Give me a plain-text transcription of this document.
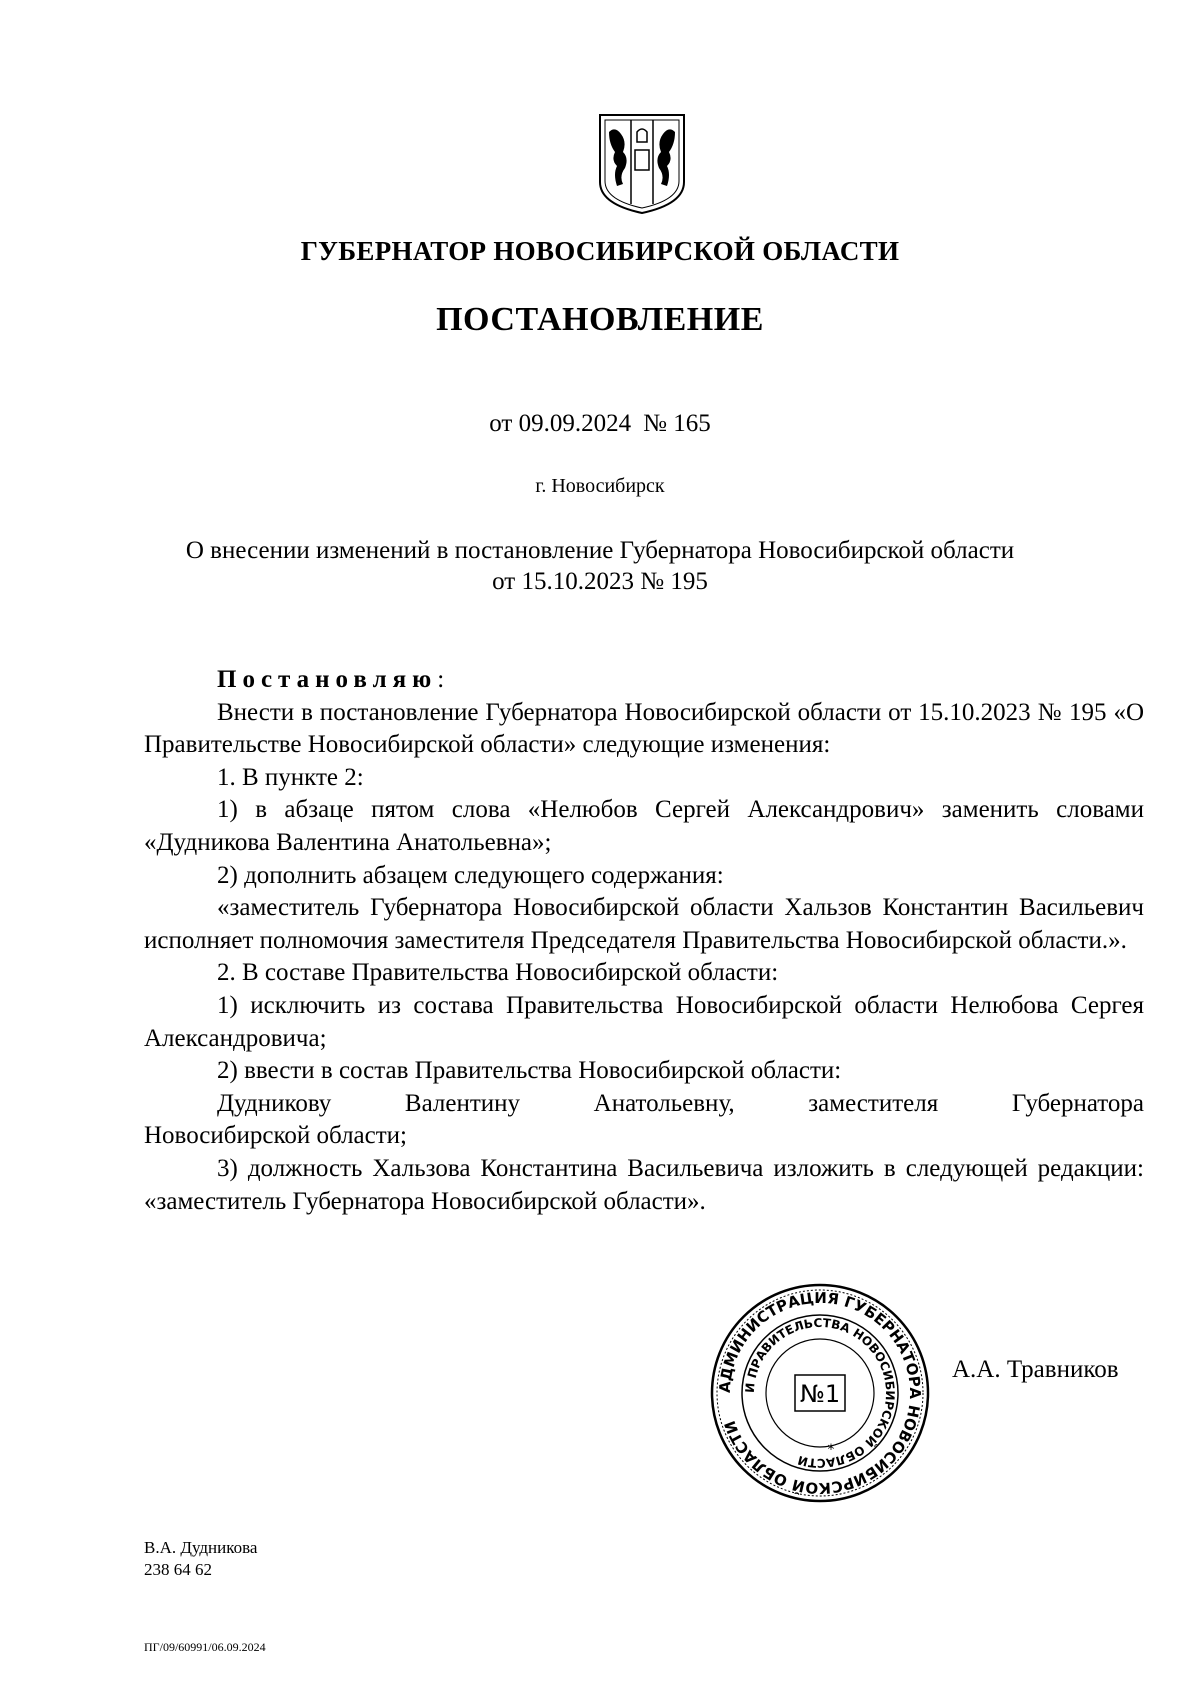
ГУБЕРНАТОР НОВОСИБИРСКОЙ ОБЛАСТИ
ПОСТАНОВЛЕНИЕ
от 09.09.2024 № 165
г. Новосибирск
О внесении изменений в постановление Губернатора Новосибирской области
от 15.10.2023 № 195

Постановляю:

Внести в постановление Губернатора Новосибирской области от 15.10.2023 № 195 «О Правительстве Новосибирской области» следующие изменения:

1. В пункте 2:

1) в абзаце пятом слова «Нелюбов Сергей Александрович» заменить словами «Дудникова Валентина Анатольевна»;

2) дополнить абзацем следующего содержания:

«заместитель Губернатора Новосибирской области Хальзов Константин Васильевич исполняет полномочия заместителя Председателя Правительства Новосибирской области.».

2. В составе Правительства Новосибирской области:

1) исключить из состава Правительства Новосибирской области Нелюбова Сергея Александровича;

2) ввести в состав Правительства Новосибирской области:

Дудникову Валентину Анатольевну, заместителя Губернатора

Новосибирской области;

3) должность Хальзова Константина Васильевича изложить в следующей редакции: «заместитель Губернатора Новосибирской области».

АДМИНИСТРАЦИЯ ГУБЕРНАТОРА НОВОСИБИРСКОЙ ОБЛАСТИ
И ПРАВИТЕЛЬСТВА НОВОСИБИРСКОЙ ОБЛАСТИ
№1
*
А.А. Травников
В.А. Дудникова
238 64 62
ПГ/09/60991/06.09.2024
